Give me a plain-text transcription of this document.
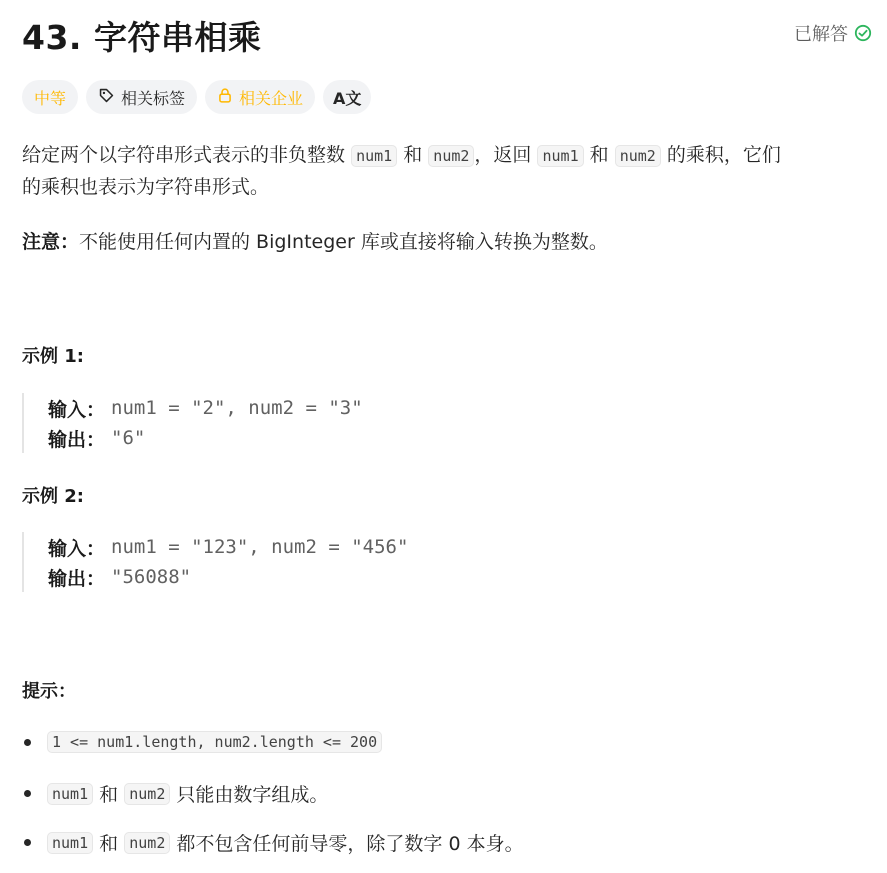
43. 字符串相乘	已解答
中等	相关标签	相关企业	A文
给定两个以字符串形式表示的非负整数 num1 和 num2 ，返回 num1 和 num2 的乘积，它们
的乘积也表示为字符串形式。
注意：不能使用任何内置的 BigInteger 库或直接将输入转换为整数。
示例 1:
输入： num1 = "2", num2 = "3"
输出： "6"
示例 2:
输入： num1 = "123", num2 = "456"
输出： "56088"
提示：
1 <= num1.length, num2.length <= 200
num1
和
num2
只能由数字组成。
num1
和
num2
都不包含任何前导零，除了数字 0 本身。
